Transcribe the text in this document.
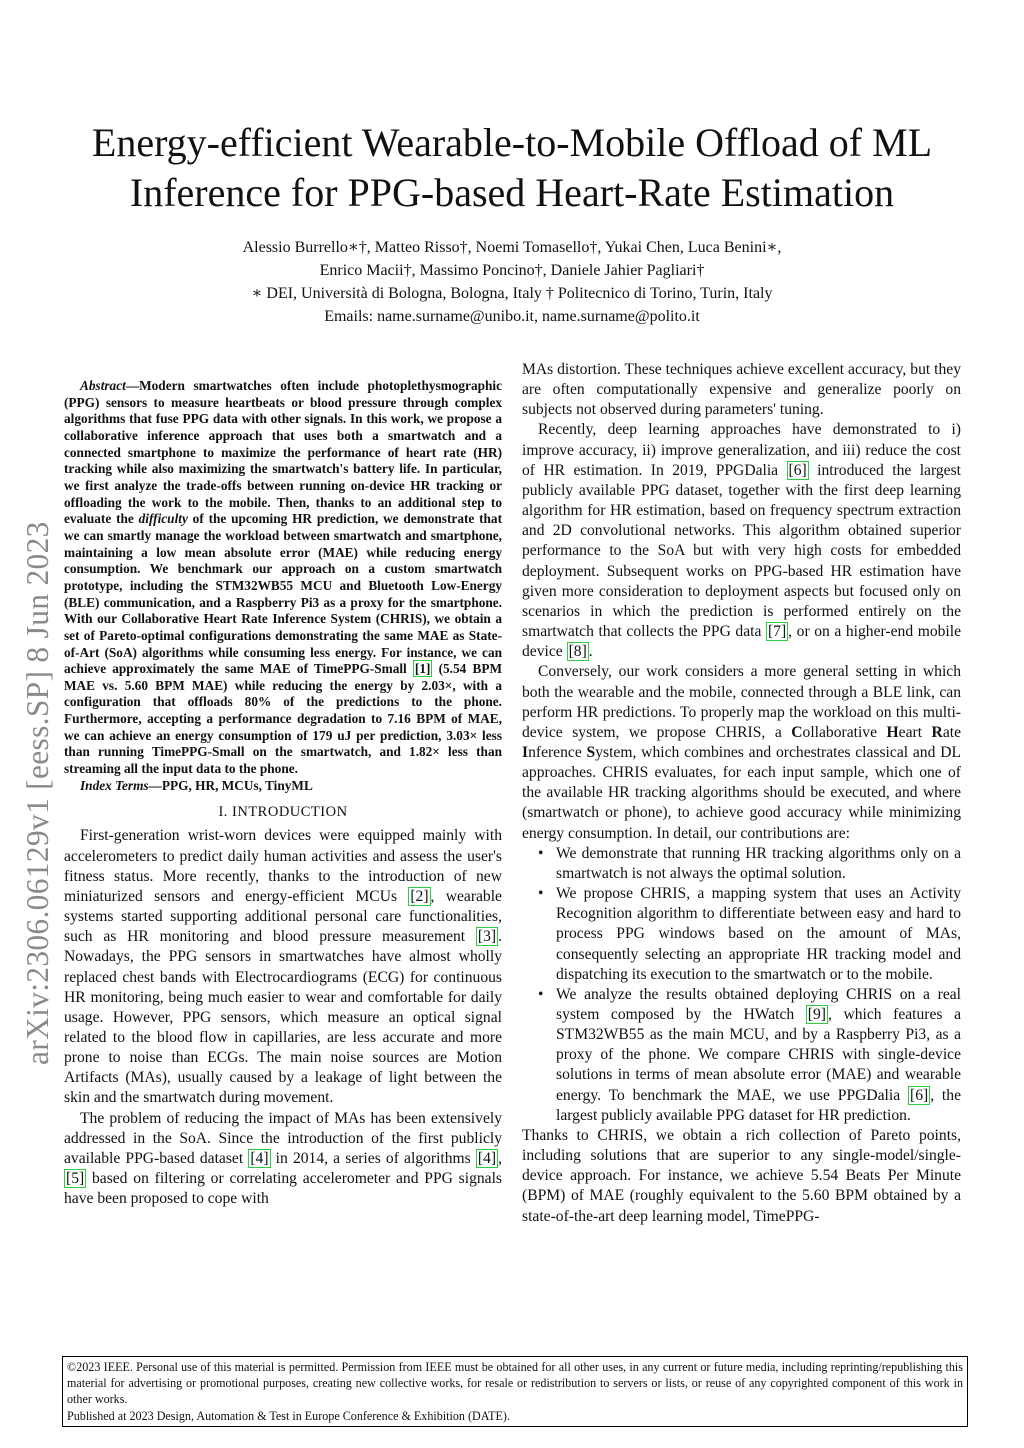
Energy-efficient Wearable-to-Mobile Offload of ML
Inference for PPG-based Heart-Rate Estimation
Alessio Burrello∗†, Matteo Risso†, Noemi Tomasello†, Yukai Chen, Luca Benini∗,
Enrico Macii†, Massimo Poncino†, Daniele Jahier Pagliari†
∗ DEI, Università di Bologna, Bologna, Italy † Politecnico di Torino, Turin, Italy
Emails: name.surname@unibo.it, name.surname@polito.it
arXiv:2306.06129v1 [eess.SP] 8 Jun 2023

Abstract—Modern smartwatches often include photoplethysmographic (PPG) sensors to measure heartbeats or blood pressure through complex algorithms that fuse PPG data with other signals. In this work, we propose a collaborative inference approach that uses both a smartwatch and a connected smartphone to maximize the performance of heart rate (HR) tracking while also maximizing the smartwatch's battery life. In particular, we first analyze the trade-offs between running on-device HR tracking or offloading the work to the mobile. Then, thanks to an additional step to evaluate the difficulty of the upcoming HR prediction, we demonstrate that we can smartly manage the workload between smartwatch and smartphone, maintaining a low mean absolute error (MAE) while reducing energy consumption. We benchmark our approach on a custom smartwatch prototype, including the STM32WB55 MCU and Bluetooth Low-Energy (BLE) communication, and a Raspberry Pi3 as a proxy for the smartphone. With our Collaborative Heart Rate Inference System (CHRIS), we obtain a set of Pareto-optimal configurations demonstrating the same MAE as State-of-Art (SoA) algorithms while consuming less energy. For instance, we can achieve approximately the same MAE of TimePPG-Small [1] (5.54 BPM MAE vs. 5.60 BPM MAE) while reducing the energy by 2.03×, with a configuration that offloads 80% of the predictions to the phone. Furthermore, accepting a performance degradation to 7.16 BPM of MAE, we can achieve an energy consumption of 179 uJ per prediction, 3.03× less than running TimePPG-Small on the smartwatch, and 1.82× less than streaming all the input data to the phone.

Index Terms—PPG, HR, MCUs, TinyML

I. INTRODUCTION

First-generation wrist-worn devices were equipped mainly with accelerometers to predict daily human activities and assess the user's fitness status. More recently, thanks to the introduction of new miniaturized sensors and energy-efficient MCUs [2] , wearable systems started supporting additional personal care functionalities, such as HR monitoring and blood pressure measurement [3] . Nowadays, the PPG sensors in smartwatches have almost wholly replaced chest bands with Electrocardiograms (ECG) for continuous HR monitoring, being much easier to wear and comfortable for daily usage. However, PPG sensors, which measure an optical signal related to the blood flow in capillaries, are less accurate and more prone to noise than ECGs. The main noise sources are Motion Artifacts (MAs), usually caused by a leakage of light between the skin and the smartwatch during movement.

The problem of reducing the impact of MAs has been extensively addressed in the SoA. Since the introduction of the first publicly available PPG-based dataset [4] in 2014, a series of algorithms [4] , [5] based on filtering or correlating accelerometer and PPG signals have been proposed to cope with

MAs distortion. These techniques achieve excellent accuracy, but they are often computationally expensive and generalize poorly on subjects not observed during parameters' tuning.

Recently, deep learning approaches have demonstrated to i) improve accuracy, ii) improve generalization, and iii) reduce the cost of HR estimation. In 2019, PPGDalia [6] introduced the largest publicly available PPG dataset, together with the first deep learning algorithm for HR estimation, based on frequency spectrum extraction and 2D convolutional networks. This algorithm obtained superior performance to the SoA but with very high costs for embedded deployment. Subsequent works on PPG-based HR estimation have given more consideration to deployment aspects but focused only on scenarios in which the prediction is performed entirely on the smartwatch that collects the PPG data [7] , or on a higher-end mobile device [8] .

Conversely, our work considers a more general setting in which both the wearable and the mobile, connected through a BLE link, can perform HR predictions. To properly map the workload on this multi-device system, we propose CHRIS, a Collaborative Heart Rate Inference System, which combines and orchestrates classical and DL approaches. CHRIS evaluates, for each input sample, which one of the available HR tracking algorithms should be executed, and where (smartwatch or phone), to achieve good accuracy while minimizing energy consumption. In detail, our contributions are:

• We demonstrate that running HR tracking algorithms only on a smartwatch is not always the optimal solution.
• We propose CHRIS, a mapping system that uses an Activity Recognition algorithm to differentiate between easy and hard to process PPG windows based on the amount of MAs, consequently selecting an appropriate HR tracking model and dispatching its execution to the smartwatch or to the mobile.
• We analyze the results obtained deploying CHRIS on a real system composed by the HWatch [9] , which features a STM32WB55 as the main MCU, and by a Raspberry Pi3, as a proxy of the phone. We compare CHRIS with single-device solutions in terms of mean absolute error (MAE) and wearable energy. To benchmark the MAE, we use PPGDalia [6] , the largest publicly available PPG dataset for HR prediction.

Thanks to CHRIS, we obtain a rich collection of Pareto points, including solutions that are superior to any single-model/single-device approach. For instance, we achieve 5.54 Beats Per Minute (BPM) of MAE (roughly equivalent to the 5.60 BPM obtained by a state-of-the-art deep learning model, TimePPG-

©2023 IEEE. Personal use of this material is permitted. Permission from IEEE must be obtained for all other uses, in any current or future media, including reprinting/republishing this material for advertising or promotional purposes, creating new collective works, for resale or redistribution to servers or lists, or reuse of any copyrighted component of this work in other works.
Published at 2023 Design, Automation & Test in Europe Conference & Exhibition (DATE).
